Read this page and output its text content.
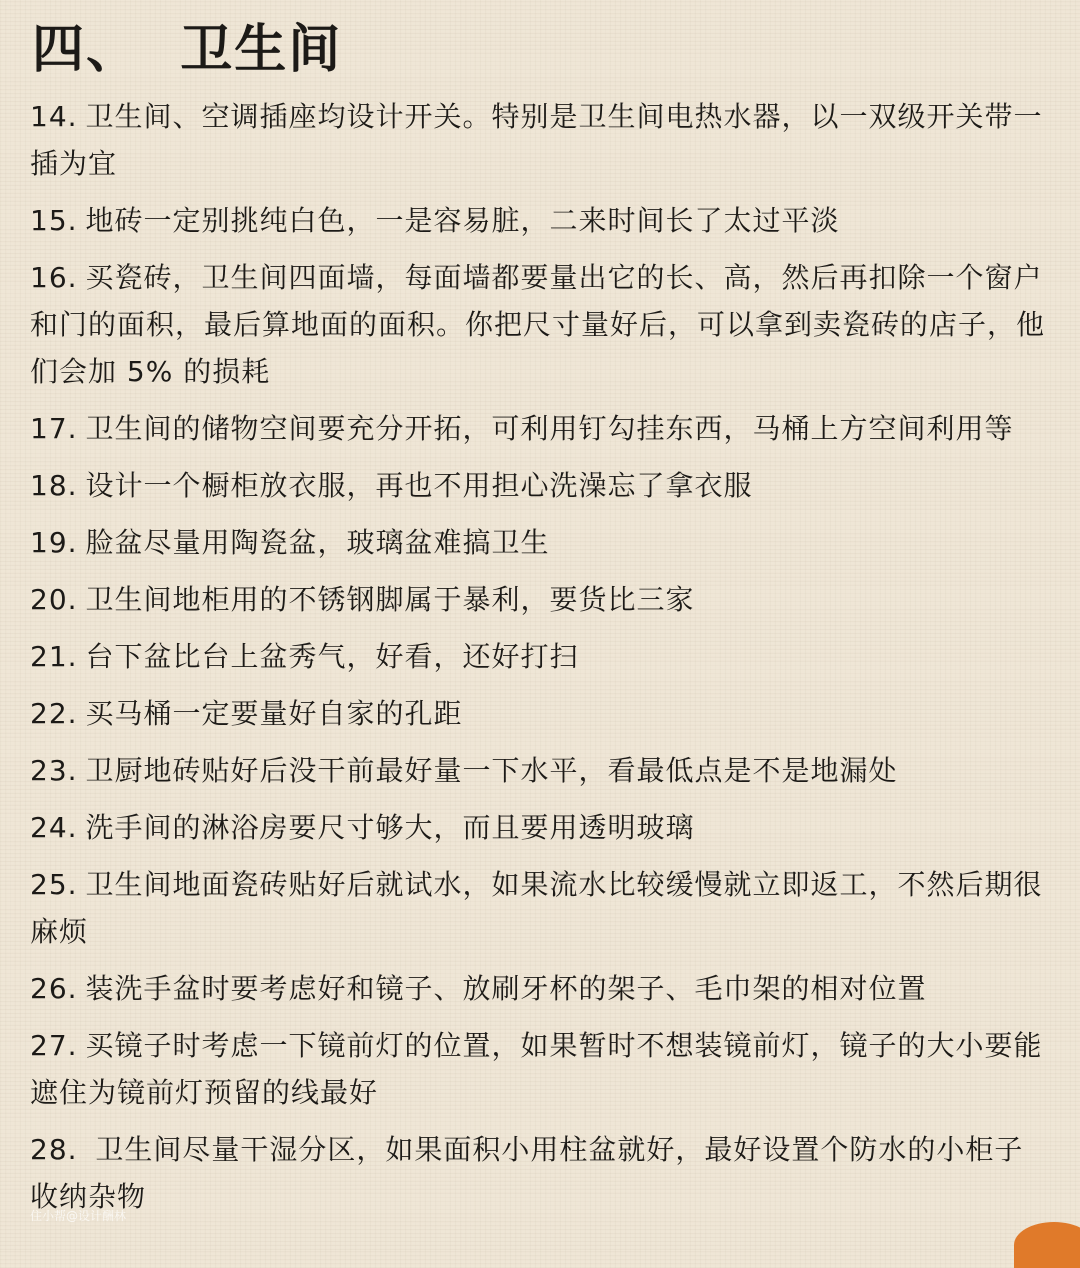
四、  卫生间
14. 卫生间、空调插座均设计开关。特别是卫生间电热水器，以一双级开关带一插为宜
15. 地砖一定别挑纯白色，一是容易脏，二来时间长了太过平淡
16. 买瓷砖，卫生间四面墙，每面墙都要量出它的长、高，然后再扣除一个窗户和门的面积，最后算地面的面积。你把尺寸量好后，可以拿到卖瓷砖的店子，他们会加 5% 的损耗
17. 卫生间的储物空间要充分开拓，可利用钉勾挂东西，马桶上方空间利用等
18. 设计一个橱柜放衣服，再也不用担心洗澡忘了拿衣服
19. 脸盆尽量用陶瓷盆，玻璃盆难搞卫生
20. 卫生间地柜用的不锈钢脚属于暴利，要货比三家
21. 台下盆比台上盆秀气，好看，还好打扫
22. 买马桶一定要量好自家的孔距
23. 卫厨地砖贴好后没干前最好量一下水平，看最低点是不是地漏处
24. 洗手间的淋浴房要尺寸够大，而且要用透明玻璃
25. 卫生间地面瓷砖贴好后就试水，如果流水比较缓慢就立即返工，不然后期很麻烦
26. 装洗手盆时要考虑好和镜子、放刷牙杯的架子、毛巾架的相对位置
27. 买镜子时考虑一下镜前灯的位置，如果暂时不想装镜前灯，镜子的大小要能遮住为镜前灯预留的线最好
28. 卫生间尽量干湿分区，如果面积小用柱盆就好，最好设置个防水的小柜子收纳杂物
住小帮@设计酬林
